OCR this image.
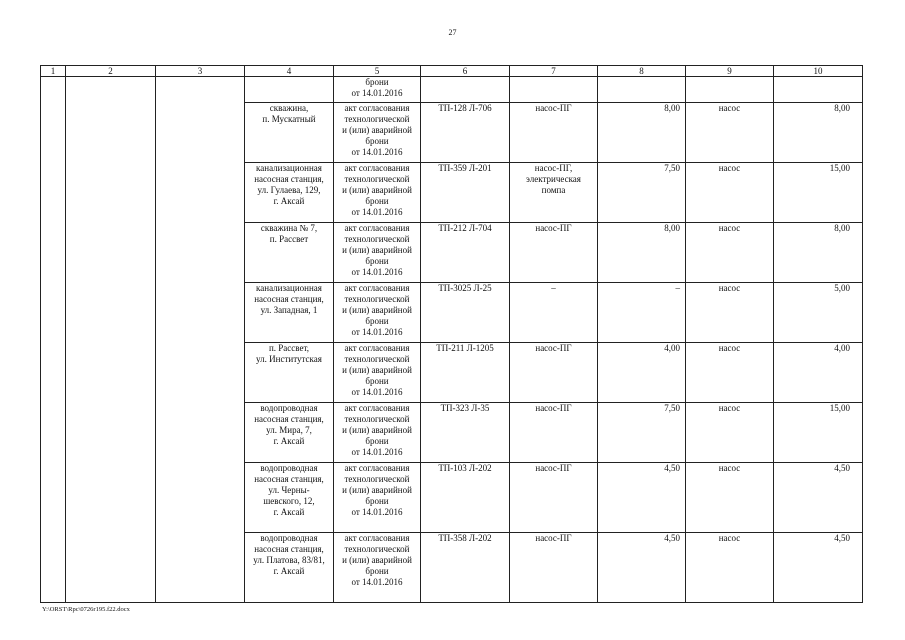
27
1	2	3	4	5	6	7	8	9	10
				брони
от 14.01.2016					
			скважина,
п. Мускатный	акт согласования
технологической
и (или) аварийной
брони
от 14.01.2016	ТП-128 Л-706	насос-ПГ	8,00	насос	8,00
			канализационная
насосная станция,
ул. Гулаева, 129,
г. Аксай	акт согласования
технологической
и (или) аварийной
брони
от 14.01.2016	ТП-359 Л-201	насос-ПГ,
электрическая
помпа	7,50	насос	15,00
			скважина № 7,
п. Рассвет	акт согласования
технологической
и (или) аварийной
брони
от 14.01.2016	ТП-212 Л-704	насос-ПГ	8,00	насос	8,00
			канализационная
насосная станция,
ул. Западная, 1	акт согласования
технологической
и (или) аварийной
брони
от 14.01.2016	ТП-3025 Л-25	–	–	насос	5,00
			п. Рассвет,
ул. Институтская	акт согласования
технологической
и (или) аварийной
брони
от 14.01.2016	ТП-211 Л-1205	насос-ПГ	4,00	насос	4,00
			водопроводная
насосная станция,
ул. Мира, 7,
г. Аксай	акт согласования
технологической
и (или) аварийной
брони
от 14.01.2016	ТП-323 Л-35	насос-ПГ	7,50	насос	15,00
			водопроводная
насосная станция,
ул. Черны-
шевского, 12,
г. Аксай	акт согласования
технологической
и (или) аварийной
брони
от 14.01.2016	ТП-103 Л-202	насос-ПГ	4,50	насос	4,50
			водопроводная
насосная станция,
ул. Платова, 83/81,
г. Аксай	акт согласования
технологической
и (или) аварийной
брони
от 14.01.2016	ТП-358 Л-202	насос-ПГ	4,50	насос	4,50
Y:\ORST\Rpc\0726r195.f22.docx
